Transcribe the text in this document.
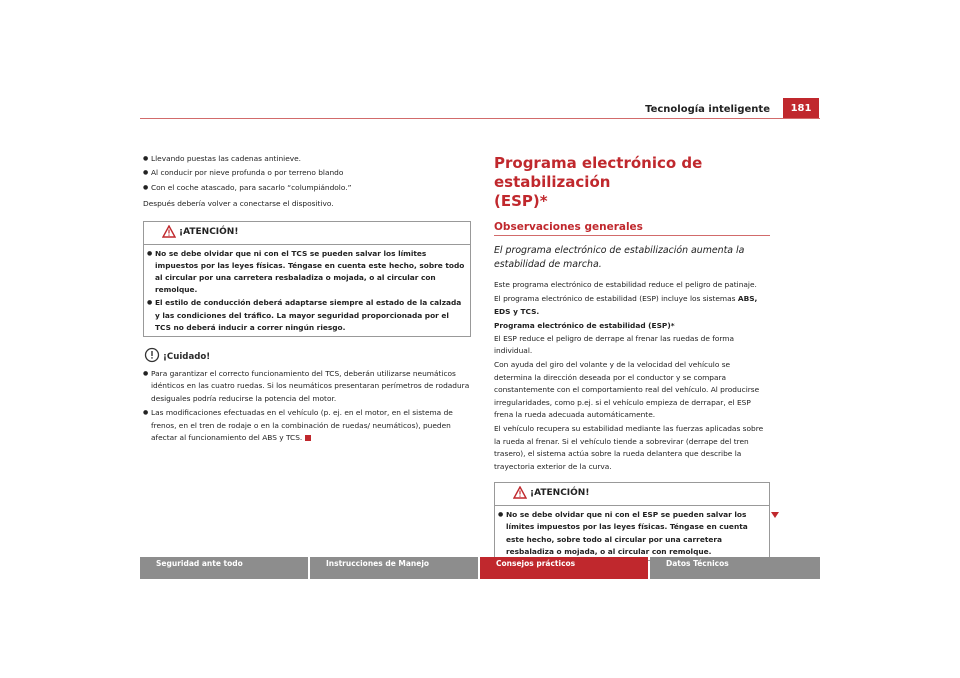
Tecnología inteligente	181
● Llevando puestas las cadenas antinieve.
● Al conducir por nieve profunda o por terreno blando
● Con el coche atascado, para sacarlo “columpiándolo.”
Después debería volver a conectarse el dispositivo.
¡ATENCIÓN!
● No se debe olvidar que ni con el TCS se pueden salvar los límites impuestos por las leyes físicas. Téngase en cuenta este hecho, sobre todo al circular por una carretera resbaladiza o mojada, o al circular con remolque.
● El estilo de conducción deberá adaptarse siempre al estado de la calzada y las condiciones del tráfico. La mayor seguridad proporcionada por el TCS no deberá inducir a correr ningún riesgo.
¡Cuidado!
● Para garantizar el correcto funcionamiento del TCS, deberán utilizarse neumáticos idénticos en las cuatro ruedas. Si los neumáticos presentaran perímetros de rodadura desiguales podría reducirse la potencia del motor.
● Las modificaciones efectuadas en el vehículo (p. ej. en el motor, en el sistema de frenos, en el tren de rodaje o en la combinación de ruedas/ neumáticos), pueden afectar al funcionamiento del ABS y TCS.
Programa electrónico de estabilización
(ESP)*
Observaciones generales
El programa electrónico de estabilización aumenta la estabilidad de marcha.
Este programa electrónico de estabilidad reduce el peligro de patinaje.
El programa electrónico de estabilidad (ESP) incluye los sistemas ABS, EDS y TCS.
Programa electrónico de estabilidad (ESP)*
El ESP reduce el peligro de derrape al frenar las ruedas de forma individual.
Con ayuda del giro del volante y de la velocidad del vehículo se determina la dirección deseada por el conductor y se compara constantemente con el comportamiento real del vehículo. Al producirse irregularidades, como p.ej. si el vehículo empieza de derrapar, el ESP frena la rueda adecuada automáticamente.
El vehículo recupera su estabilidad mediante las fuerzas aplicadas sobre la rueda al frenar. Si el vehículo tiende a sobrevirar (derrape del tren trasero), el sistema actúa sobre la rueda delantera que describe la trayectoria exterior de la curva.
¡ATENCIÓN!
● No se debe olvidar que ni con el ESP se pueden salvar los límites impuestos por las leyes físicas. Téngase en cuenta este hecho, sobre todo al circular por una carretera resbaladiza o mojada, o al circular con remolque.
Seguridad ante todo	Instrucciones de Manejo	Consejos prácticos	Datos Técnicos
